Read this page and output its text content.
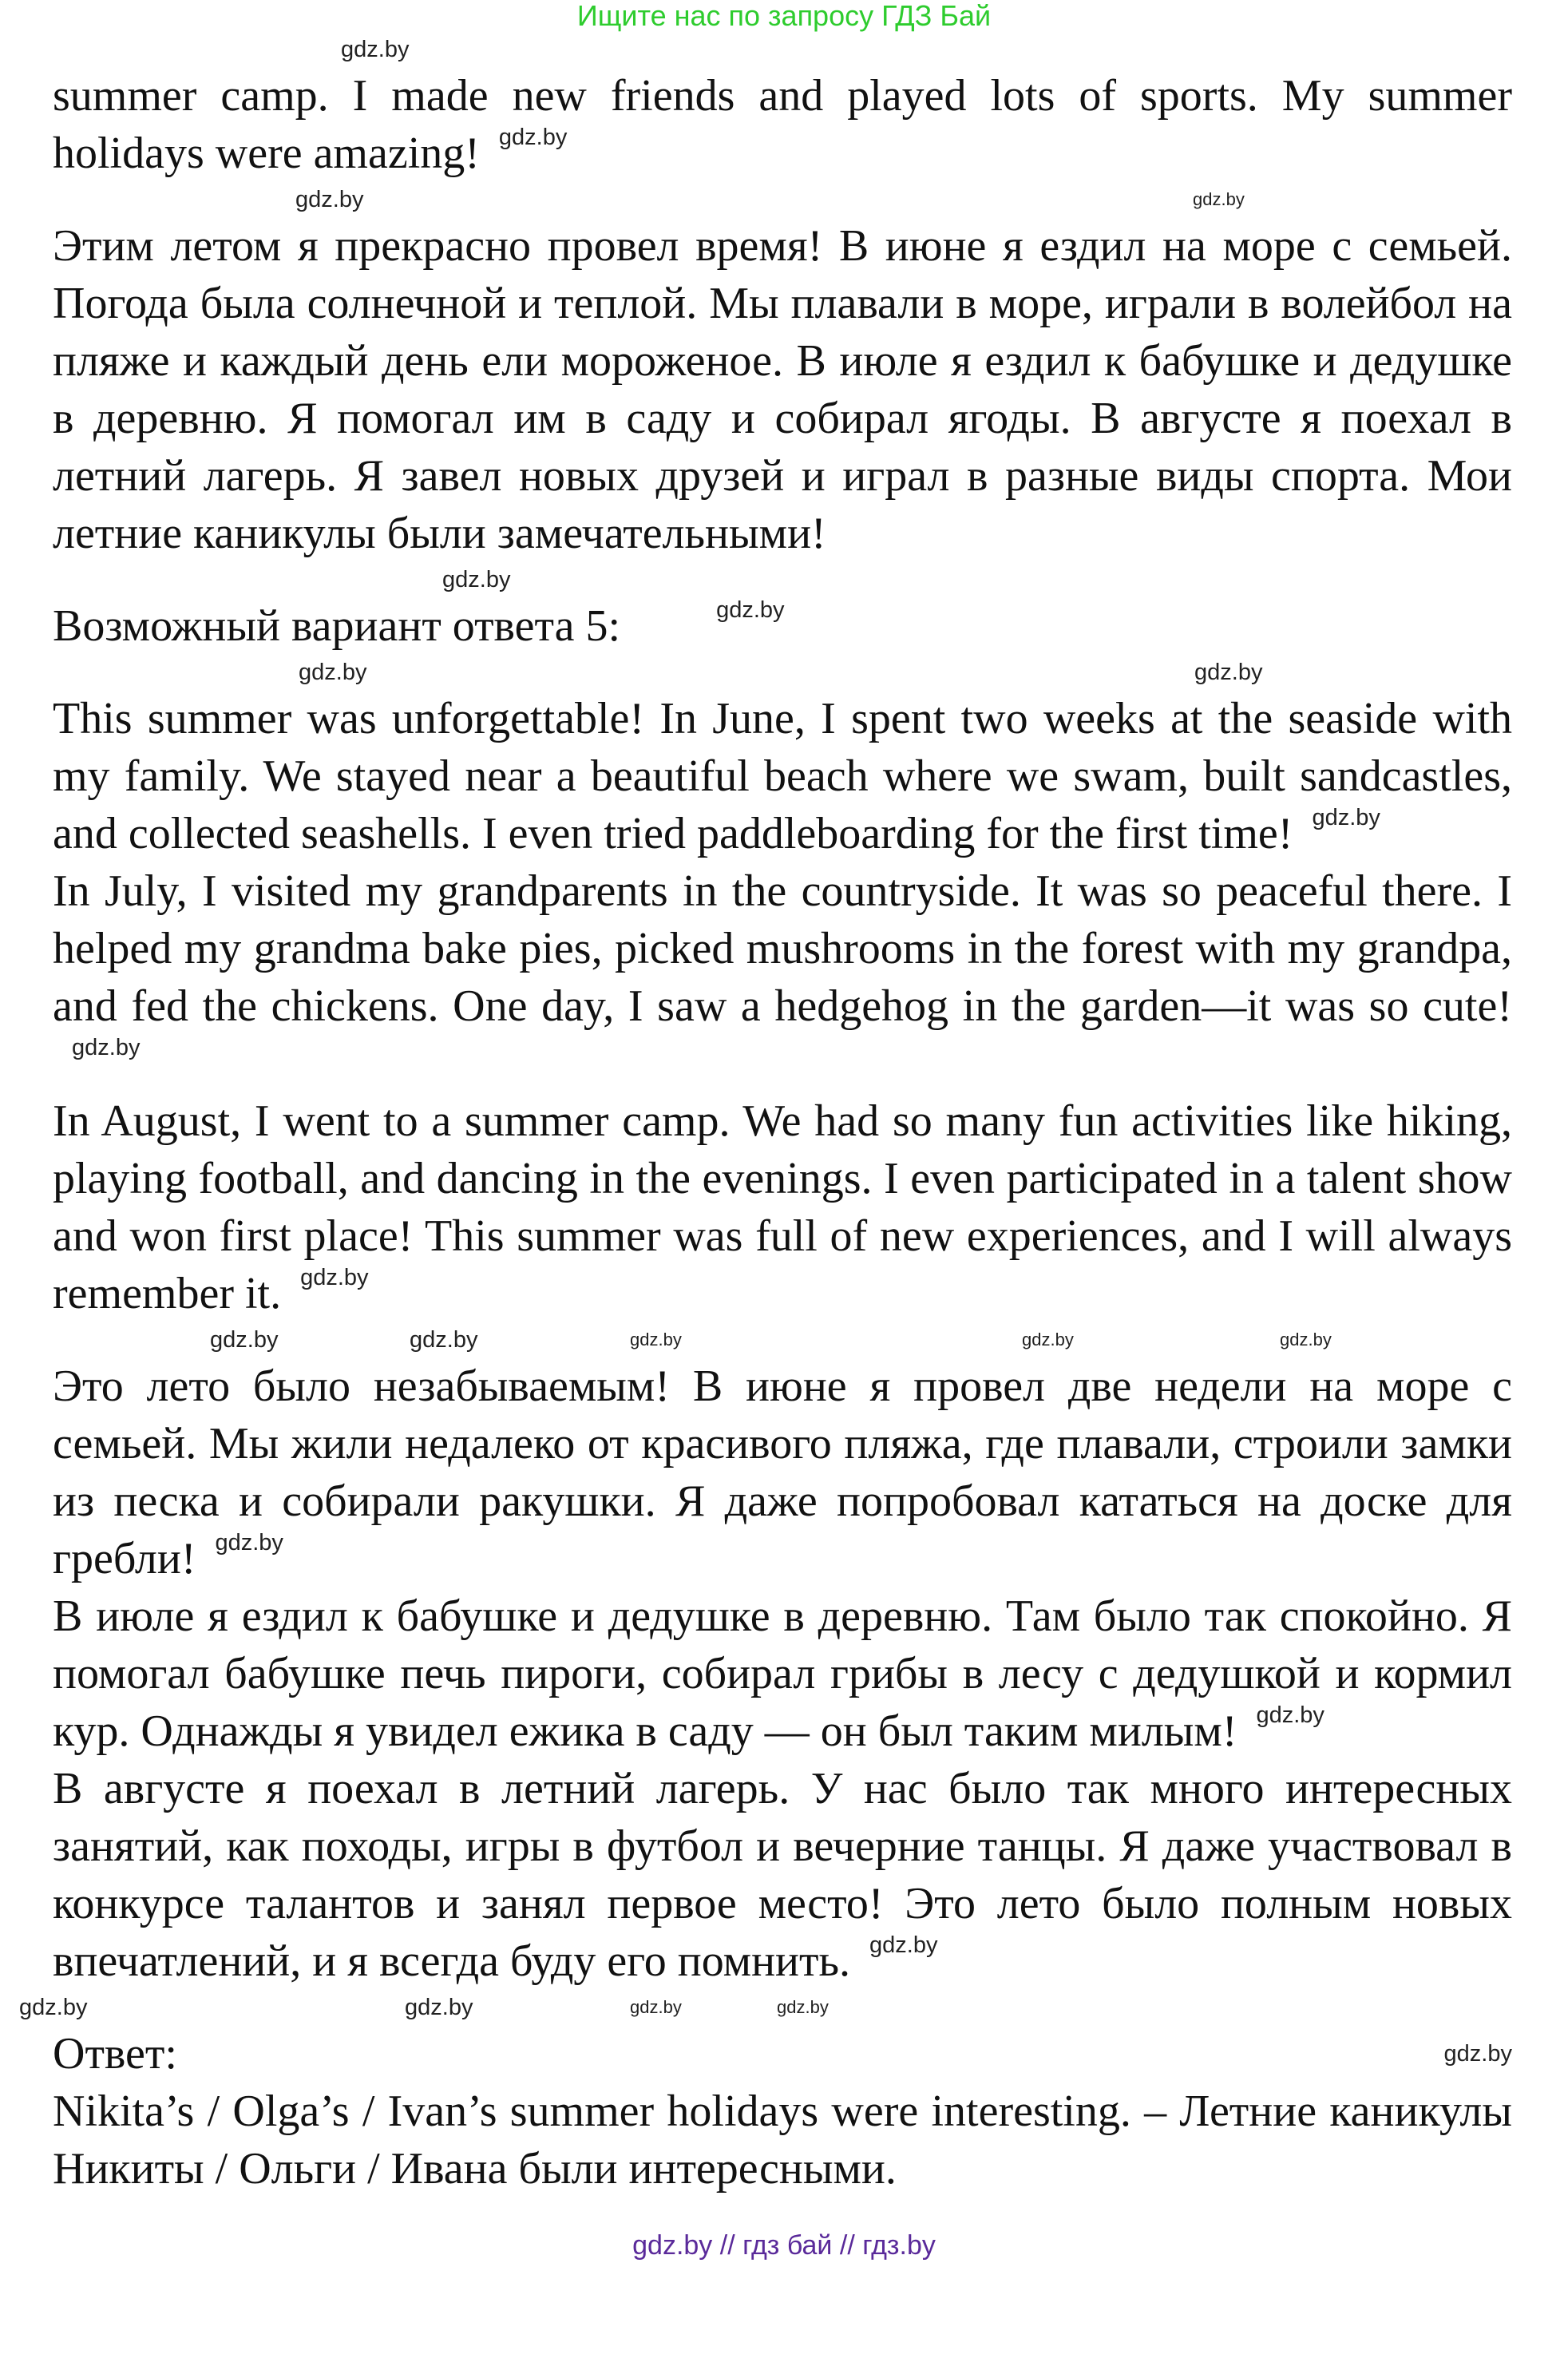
Ищите нас по запросу ГДЗ Бай
gdz.by

summer camp. I made new friends and played lots of sports. My summer holidays were amazing! gdz.by

gdz.by	gdz.by

Этим летом я прекрасно провел время! В июне я ездил на море с семьей. Погода была солнечной и теплой. Мы плавали в море, играли в волейбол на пляже и каждый день ели мороженое. В июле я ездил к бабушке и дедушке в деревню. Я помогал им в саду и собирал ягоды. В августе я поехал в летний лагерь. Я завел новых друзей и играл в разные виды спорта. Мои летние каникулы были замечательными!

gdz.by

Возможный вариант ответа 5:	gdz.by

gdz.by	gdz.by

This summer was unforgettable! In June, I spent two weeks at the seaside with my family. We stayed near a beautiful beach where we swam, built sandcastles, and collected seashells. I even tried paddleboarding for the first time! gdz.by

In July, I visited my grandparents in the countryside. It was so peaceful there. I helped my grandma bake pies, picked mushrooms in the forest with my grandpa, and fed the chickens. One day, I saw a hedgehog in the garden—it was so cute!gdz.by

In August, I went to a summer camp. We had so many fun activities like hiking, playing football, and dancing in the evenings. I even participated in a talent show and won first place! This summer was full of new experiences, and I will always remember it. gdz.by

gdz.by	gdz.by	gdz.by	gdz.by	gdz.by

Это лето было незабываемым! В июне я провел две недели на море с семьей. Мы жили недалеко от красивого пляжа, где плавали, строили замки из песка и собирали ракушки. Я даже попробовал кататься на доске для гребли! gdz.by

В июле я ездил к бабушке и дедушке в деревню. Там было так спокойно. Я помогал бабушке печь пироги, собирал грибы в лесу с дедушкой и кормил кур. Однажды я увидел ежика в саду — он был таким милым! gdz.by

В августе я поехал в летний лагерь. У нас было так много интересных занятий, как походы, игры в футбол и вечерние танцы. Я даже участвовал в конкурсе талантов и занял первое место! Это лето было полным новых впечатлений, и я всегда буду его помнить. gdz.by

gdz.by	gdz.by	gdz.by	gdz.by

Ответ:	gdz.by

Nikita’s / Olga’s / Ivan’s summer holidays were interesting. – Летние каникулы Никиты / Ольги / Ивана были интересными.

gdz.by // гдз бай // гдз.by
